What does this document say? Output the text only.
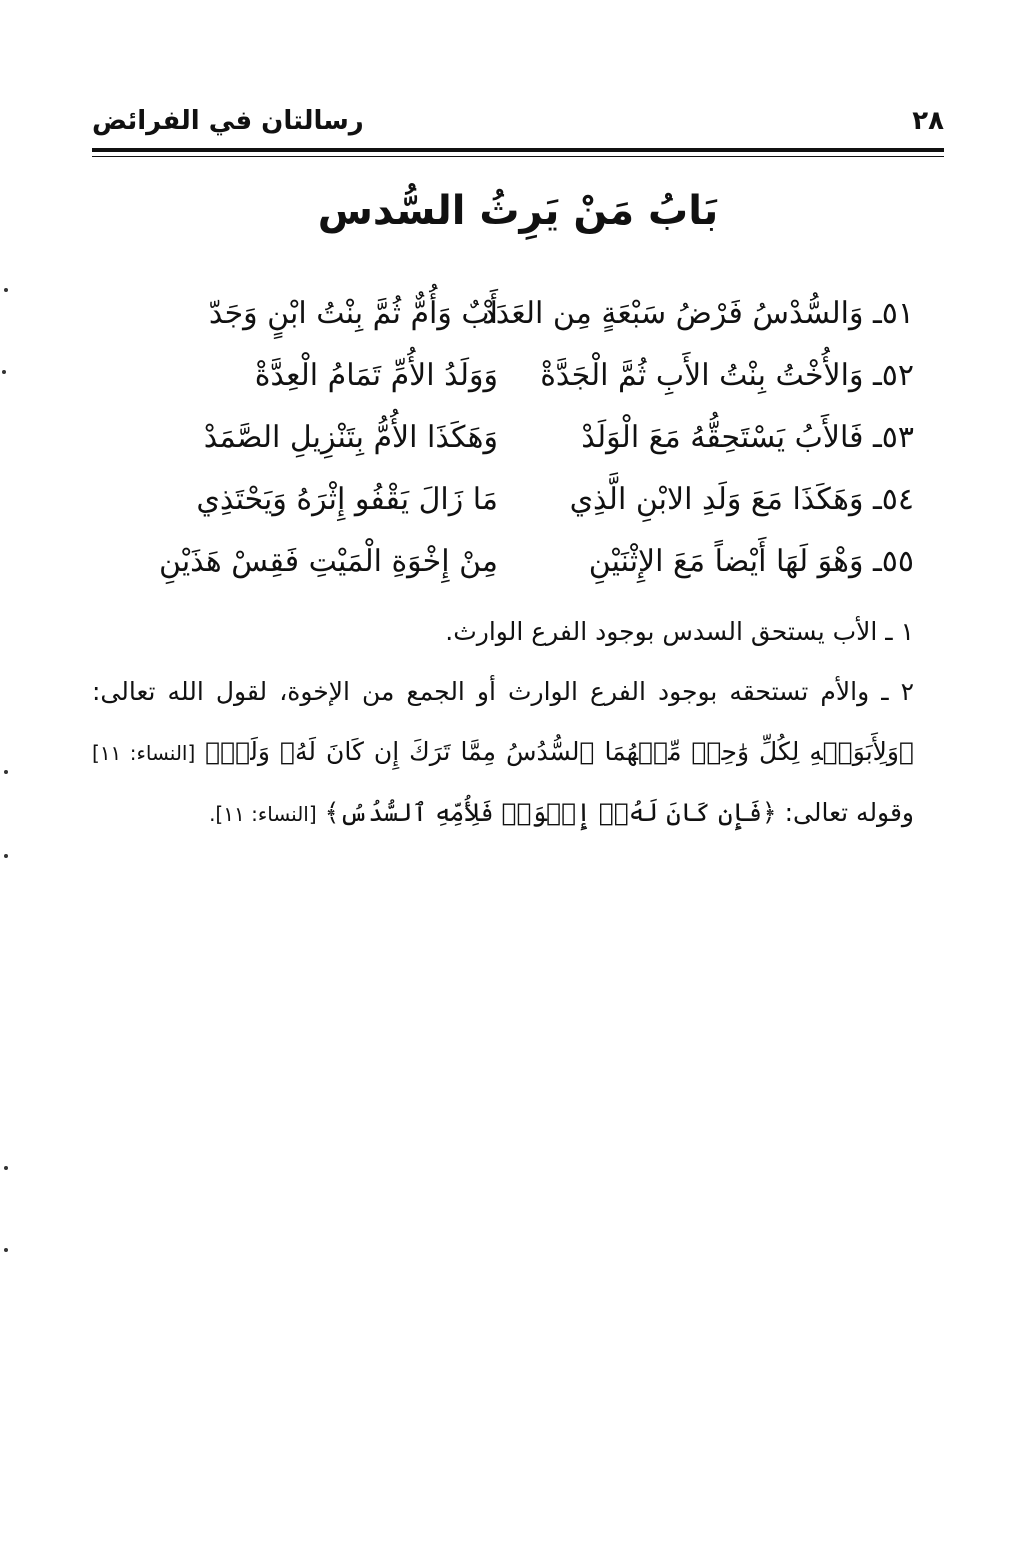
٢٨
رسالتان في الفرائض
بَابُ مَنْ يَرِثُ السُّدس
٥١ـ وَالسُّدْسُ فَرْضُ سَبْعَةٍ مِن العَدَدْ
أَبٌ وَأُمٌّ ثُمَّ بِنْتُ ابْنٍ وَجَدّ
٥٢ـ وَالأُخْتُ بِنْتُ الأَبِ ثُمَّ الْجَدَّةْ
وَوَلَدُ الأُمِّ تَمَامُ الْعِدَّةْ
٥٣ـ فَالأَبُ يَسْتَحِقُّهُ مَعَ الْوَلَدْ
وَهَكَذَا الأُمُّ بِتَنْزِيلِ الصَّمَدْ
٥٤ـ وَهَكَذَا مَعَ وَلَدِ الابْنِ الَّذِي
مَا زَالَ يَقْفُو إِثْرَهُ وَيَحْتَذِي
٥٥ـ وَهْوَ لَهَا أَيْضاً مَعَ الإِثْنَيْنِ
مِنْ إِخْوَةِ الْمَيْتِ فَقِسْ هَذَيْنِ

١ ـ الأب يستحق السدس بوجود الفرع الوارث.

٢ ـ والأم تستحقه بوجود الفرع الوارث أو الجمع من الإخوة، لقول الله تعالى: ﴿وَلِأَبَوَيۡهِ لِكُلِّ وَٰحِدٖ مِّنۡهُمَا ٱلسُّدُسُ مِمَّا تَرَكَ إِن كَانَ لَهُۥ وَلَدٞ﴾ [النساء: ١١] وقوله تعالى: ﴿فَإِن كَانَ لَهُۥٓ إِخۡوَةٞ فَلِأُمِّهِ ٱلسُّدُسُ﴾ [النساء: ١١].
